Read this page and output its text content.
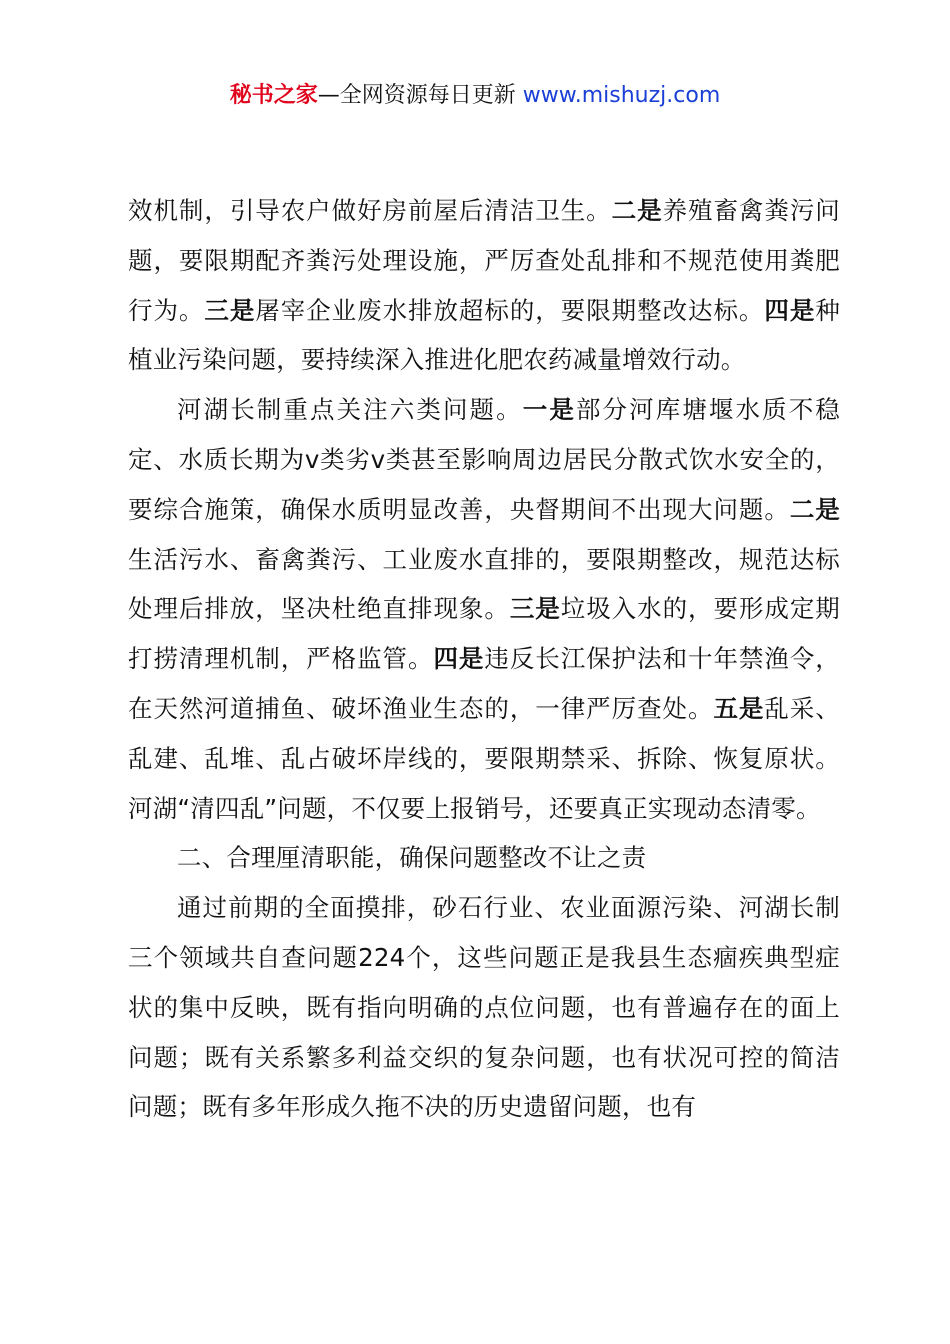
秘书之家—全网资源每日更新 www.mishuzj.com

效机制，引导农户做好房前屋后清洁卫生。二是养殖畜禽粪污问题，要限期配齐粪污处理设施，严厉查处乱排和不规范使用粪肥行为。三是屠宰企业废水排放超标的，要限期整改达标。四是种植业污染问题，要持续深入推进化肥农药减量增效行动。

河湖长制重点关注六类问题。一是部分河库塘堰水质不稳定、水质长期为ⅴ类劣ⅴ类甚至影响周边居民分散式饮水安全的，要综合施策，确保水质明显改善，央督期间不出现大问题。二是生活污水、畜禽粪污、工业废水直排的，要限期整改，规范达标处理后排放，坚决杜绝直排现象。三是垃圾入水的，要形成定期打捞清理机制，严格监管。四是违反长江保护法和十年禁渔令，在天然河道捕鱼、破坏渔业生态的，一律严厉查处。五是乱采、乱建、乱堆、乱占破坏岸线的，要限期禁采、拆除、恢复原状。河湖“清四乱”问题，不仅要上报销号，还要真正实现动态清零。

二、合理厘清职能，确保问题整改不让之责

通过前期的全面摸排，砂石行业、农业面源污染、河湖长制三个领域共自查问题224个，这些问题正是我县生态痼疾典型症状的集中反映，既有指向明确的点位问题，也有普遍存在的面上问题；既有关系繁多利益交织的复杂问题，也有状况可控的简洁问题；既有多年形成久拖不决的历史遗留问题，也有
